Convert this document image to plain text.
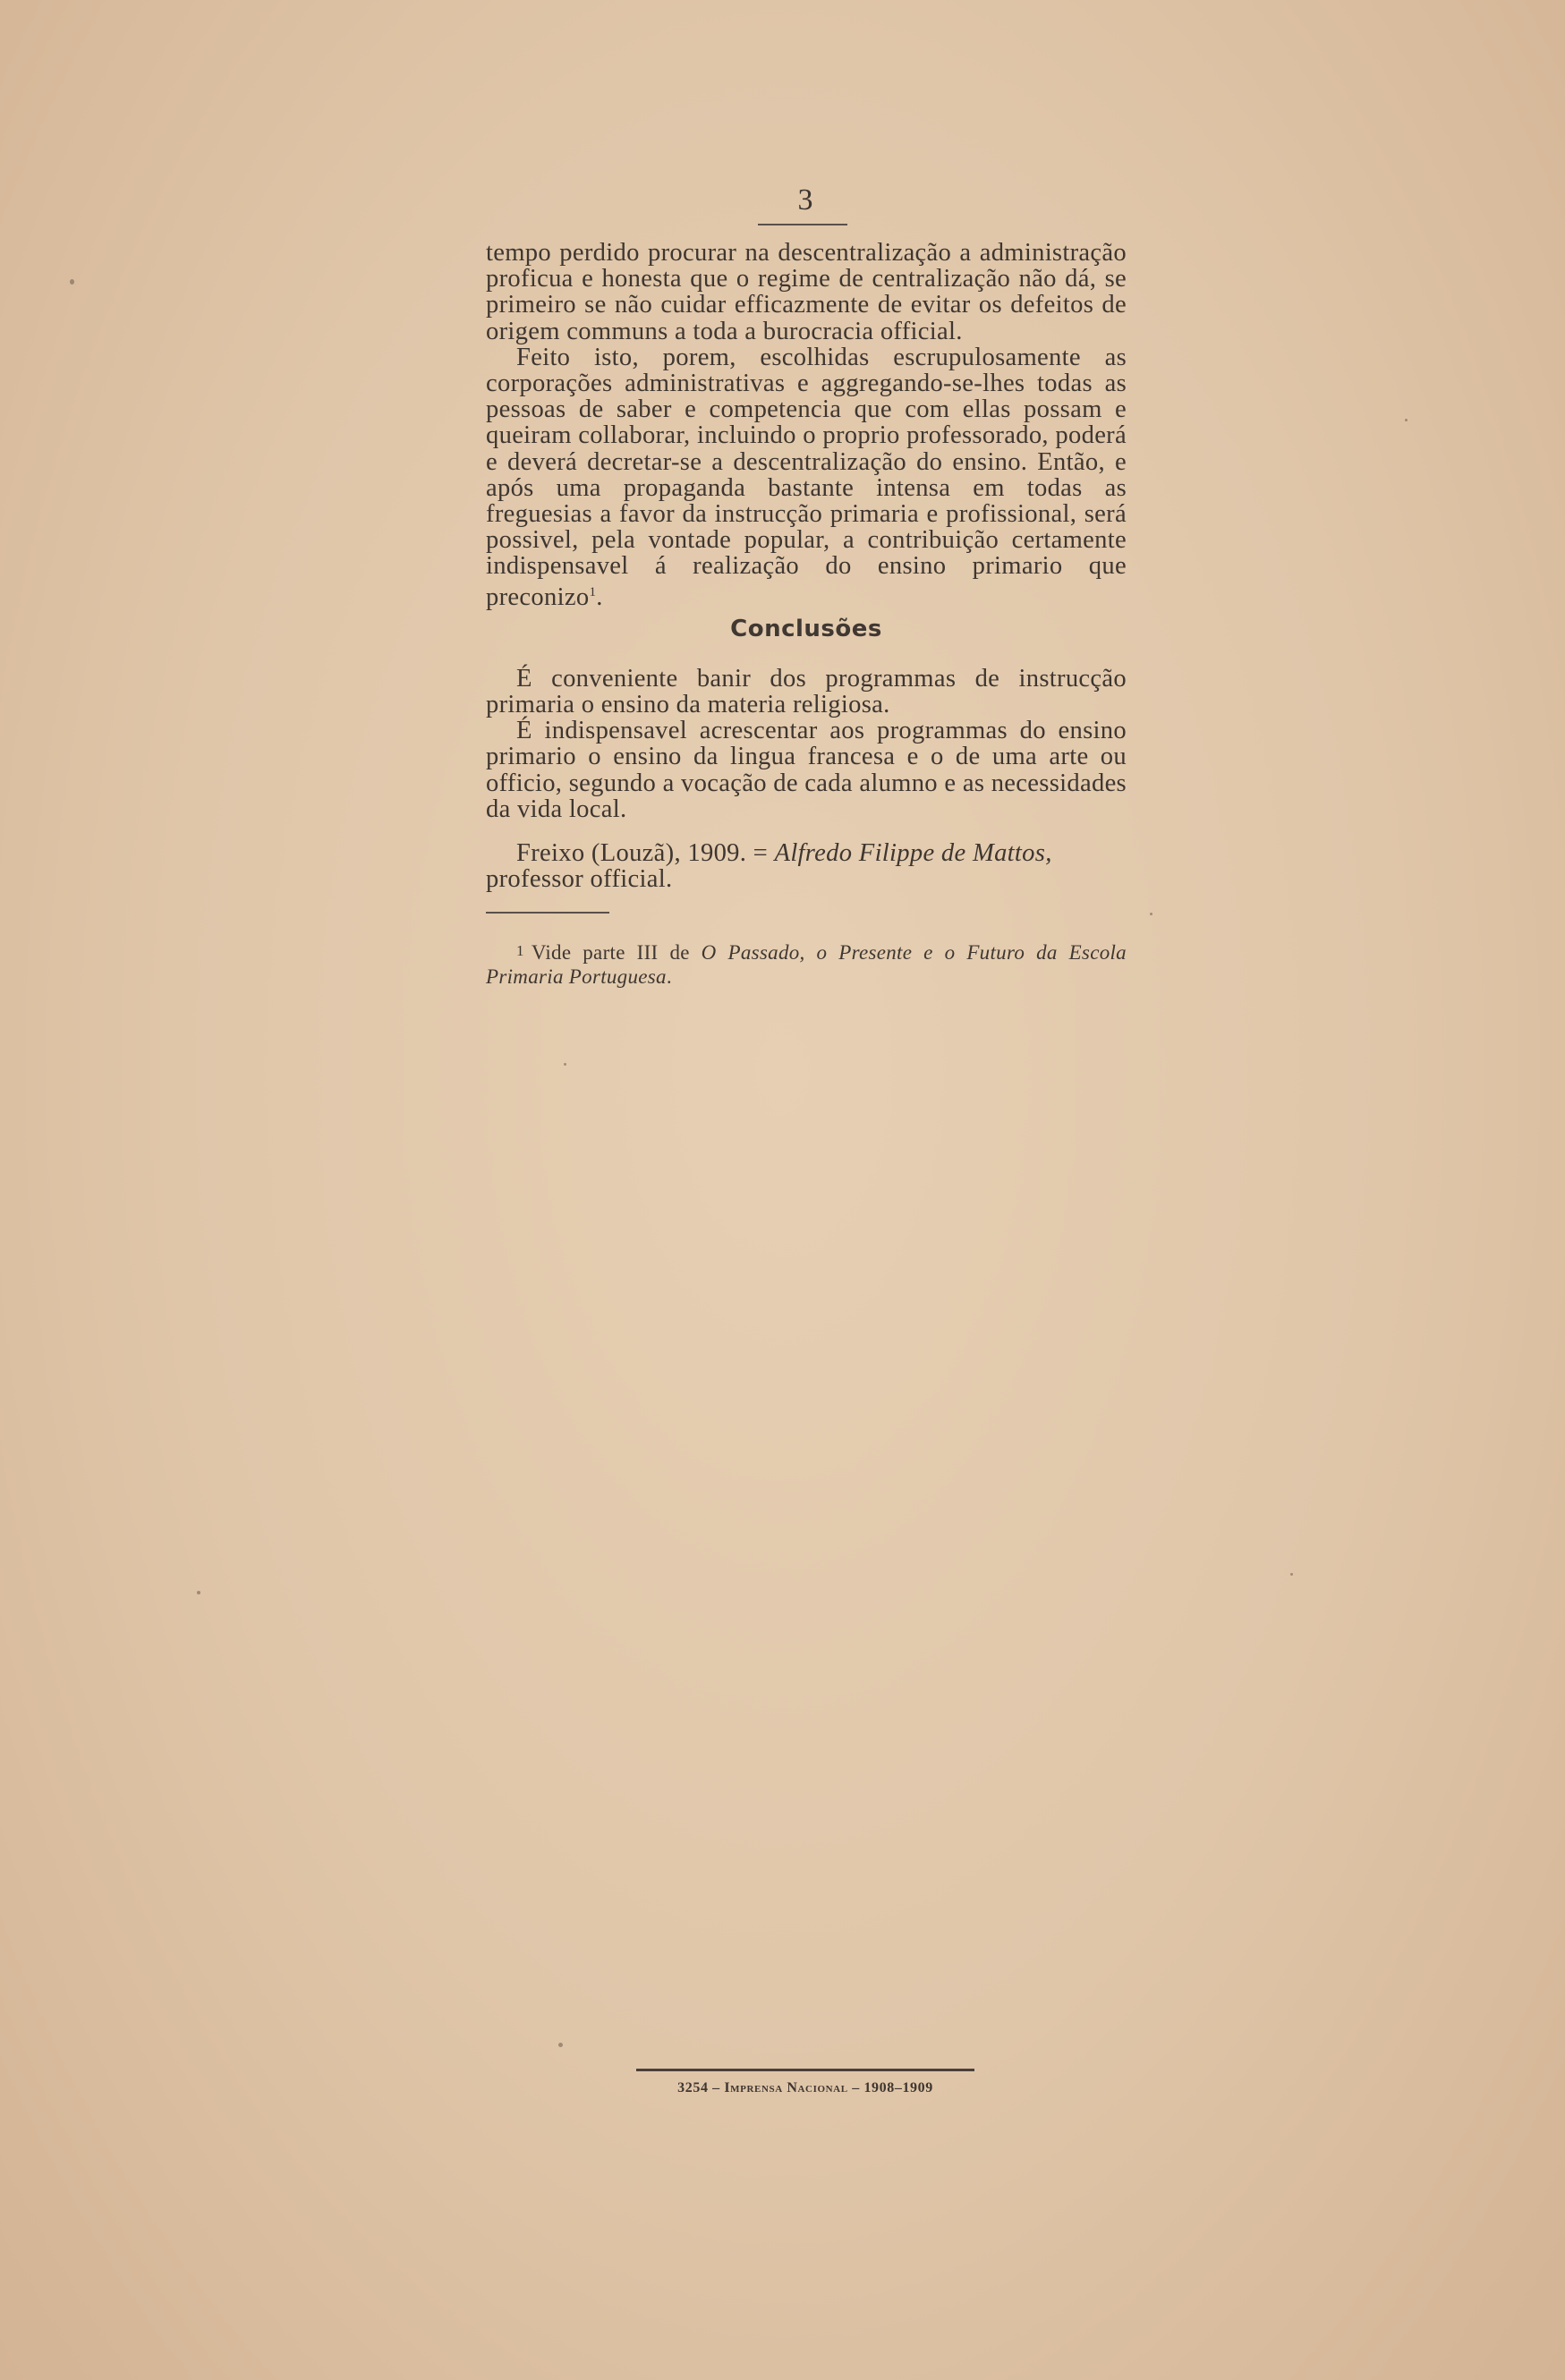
3

tempo perdido procurar na descentralização a administração proficua e honesta que o regime de centralização não dá, se primeiro se não cuidar efficazmente de evitar os defeitos de origem communs a toda a burocracia official.

Feito isto, porem, escolhidas escrupulosamente as corporações administrativas e aggregando-se-lhes todas as pessoas de saber e competencia que com ellas possam e queiram collaborar, incluindo o proprio professorado, poderá e deverá decretar-se a descentralização do ensino. Então, e após uma propaganda bastante intensa em todas as freguesias a favor da instrucção primaria e profissional, será possivel, pela vontade popular, a contribuição certamente indispensavel á realização do ensino primario que preconizo$^1$.

Conclusões

É conveniente banir dos programmas de instrucção primaria o ensino da materia religiosa.

É indispensavel acrescentar aos programmas do ensino primario o ensino da lingua francesa e o de uma arte ou officio, segundo a vocação de cada alumno e as necessidades da vida local.

Freixo (Louzã), 1909. = Alfredo Filippe de Mattos,

professor official.

1 Vide parte III de O Passado, o Presente e o Futuro da Escola Primaria Portuguesa.

3254 – Imprensa Nacional – 1908–1909
